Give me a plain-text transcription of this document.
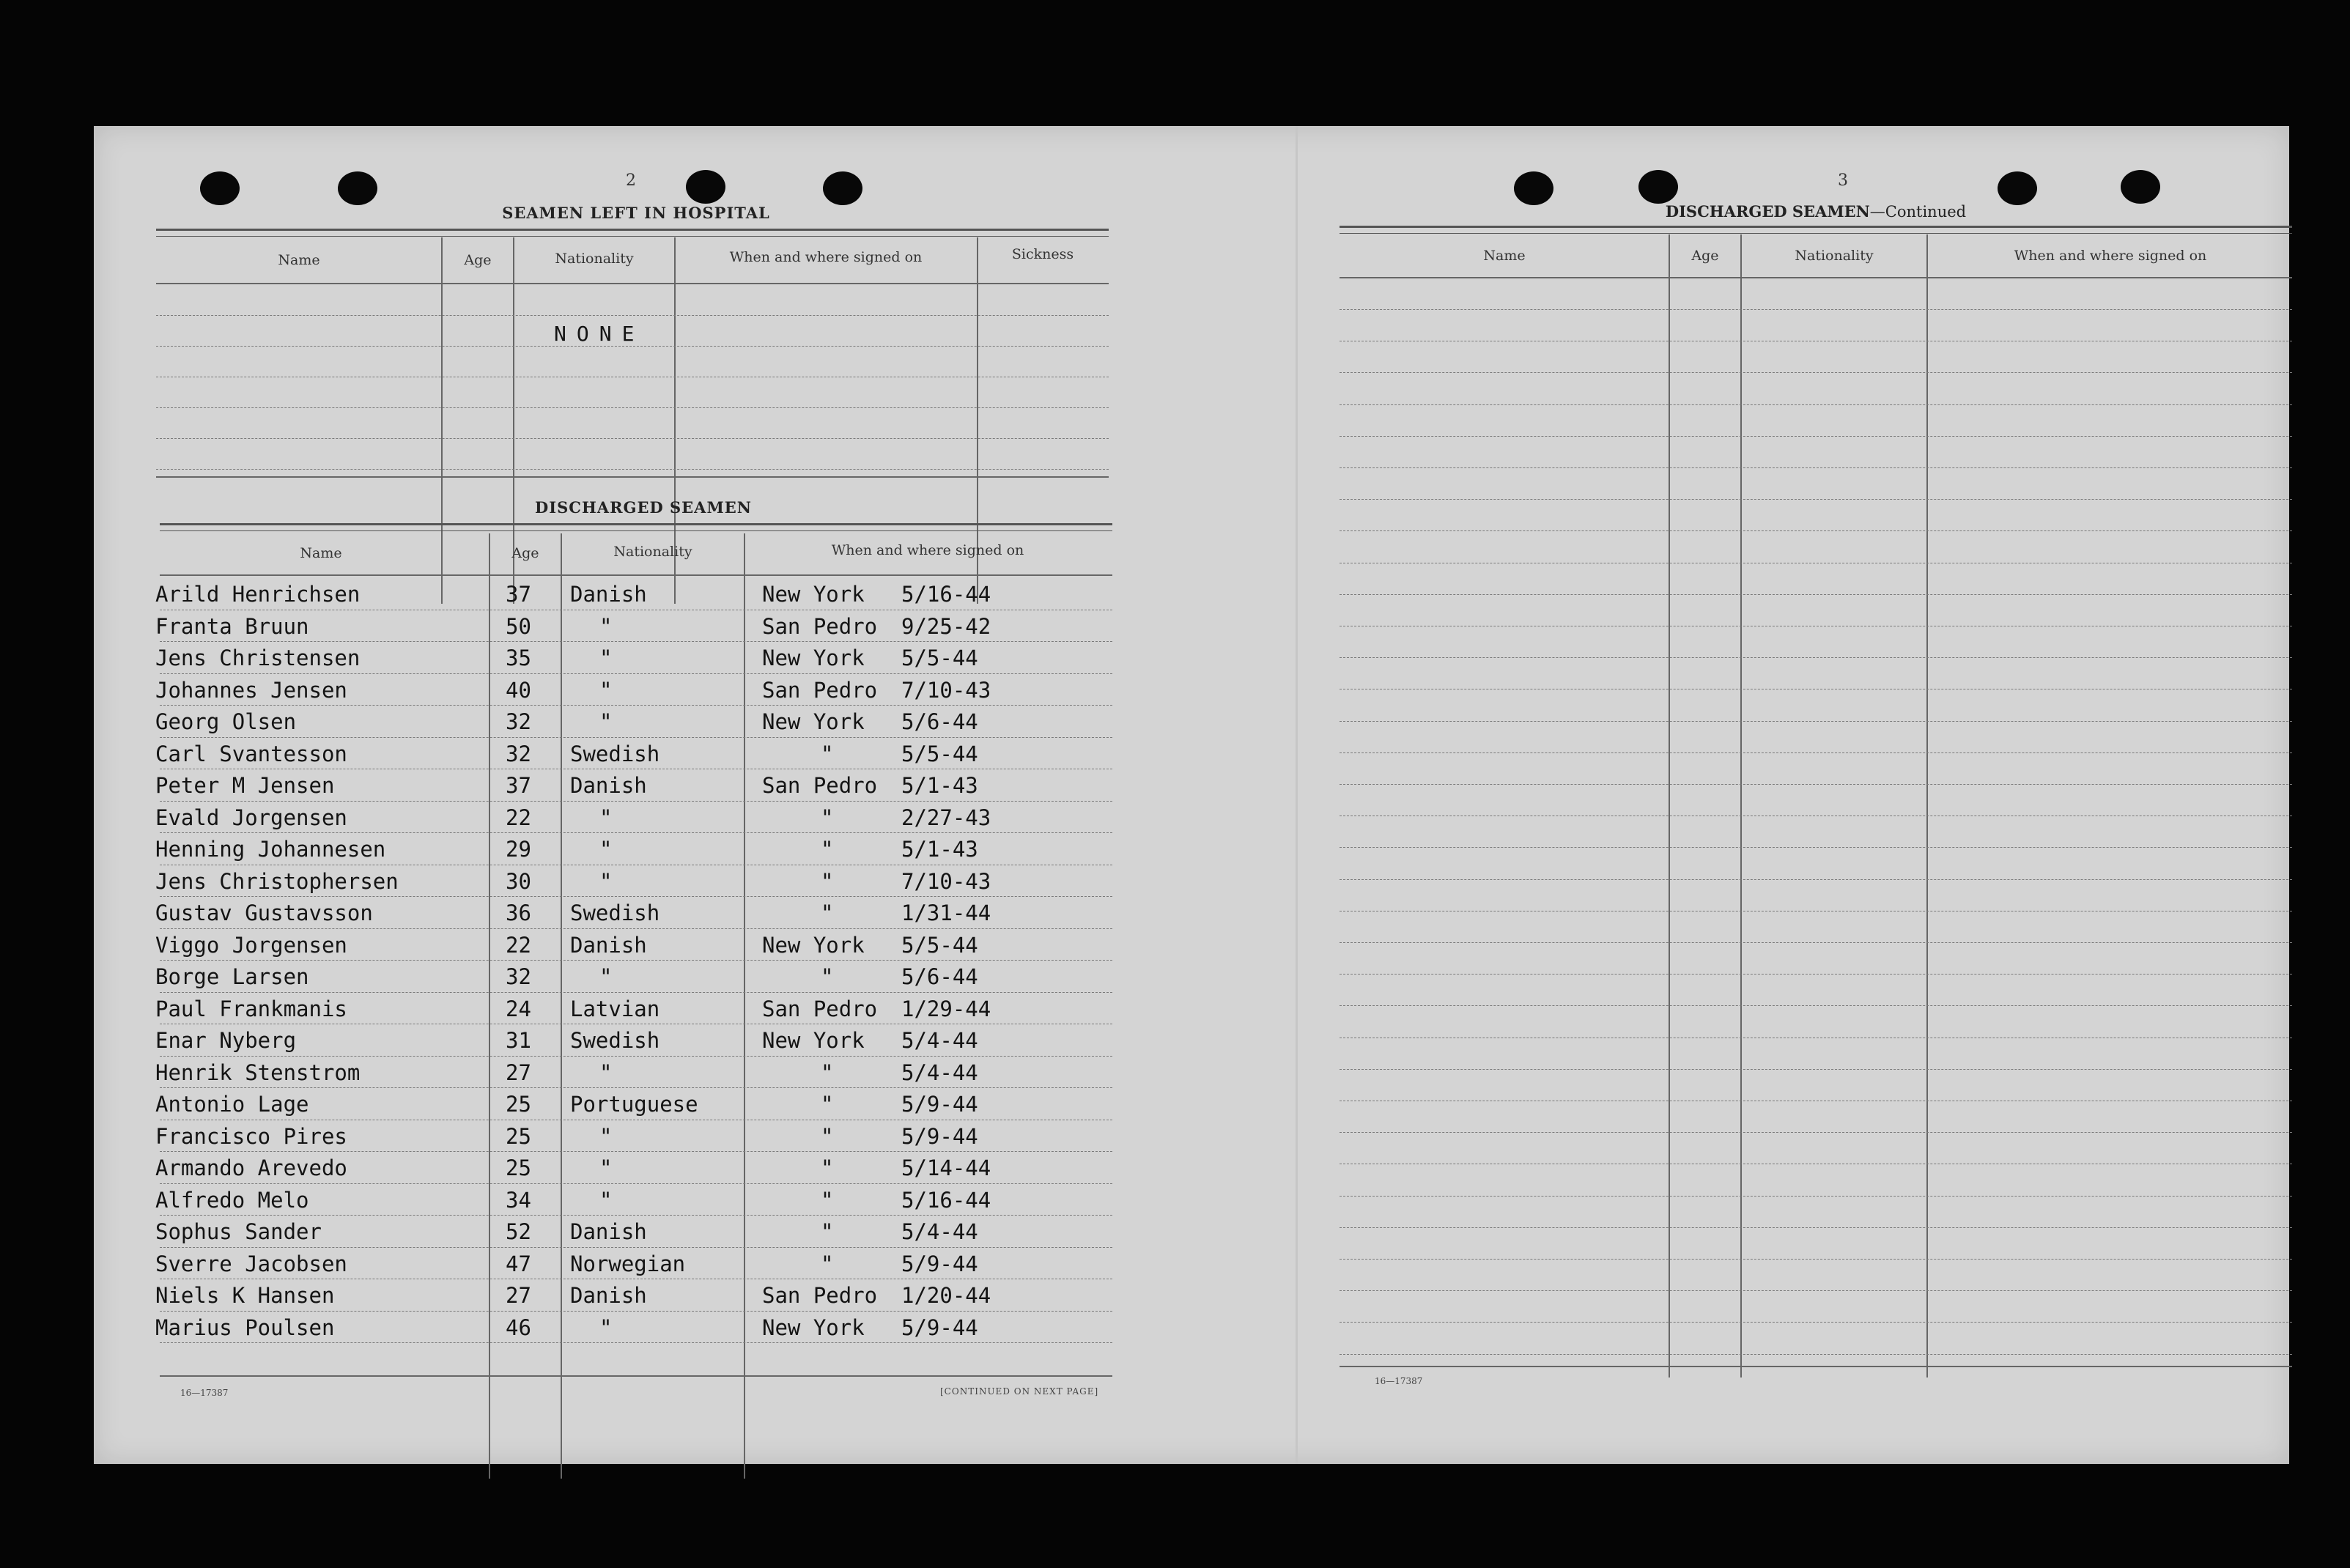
2
SEAMEN LEFT IN HOSPITAL
Name	Age	Nationality	When and where signed on	Sickness
NONE
DISCHARGED SEAMEN
Name	Age	Nationality	When and where signed on
Arild Henrichsen	37 Danish	New York 5/16-44
Franta Bruun	50	"	San Pedro 9/25-42
Jens Christensen	35	"	New York 5/5-44
Johannes Jensen	40	"	San Pedro 7/10-43
Georg Olsen	32	"	New York 5/6-44
Carl Svantesson	32 Swedish	"	5/5-44
Peter M Jensen	37 Danish	San Pedro 5/1-43
Evald Jorgensen	22	"	"	2/27-43
Henning Johannesen	29	"	"	5/1-43
Jens Christophersen	30	"	"	7/10-43
Gustav Gustavsson	36 Swedish	"	1/31-44
Viggo Jorgensen	22 Danish	New York 5/5-44
Borge Larsen	32	"	"	5/6-44
Paul Frankmanis	24 Latvian	San Pedro 1/29-44
Enar Nyberg	31 Swedish	New York 5/4-44
Henrik Stenstrom	27	"	"	5/4-44
Antonio Lage	25 Portuguese	"	5/9-44
Francisco Pires	25	"	"	5/9-44
Armando Arevedo	25	"	"	5/14-44
Alfredo Melo	34	"	"	5/16-44
Sophus Sander	52 Danish	"	5/4-44
Sverre Jacobsen	47 Norwegian	"	5/9-44
Niels K Hansen	27 Danish	San Pedro 1/20-44
Marius Poulsen	46	"	New York 5/9-44
16—17387	[CONTINUED ON NEXT PAGE]
3
DISCHARGED SEAMEN—Continued
Name	Age	Nationality	When and where signed on
16—17387
